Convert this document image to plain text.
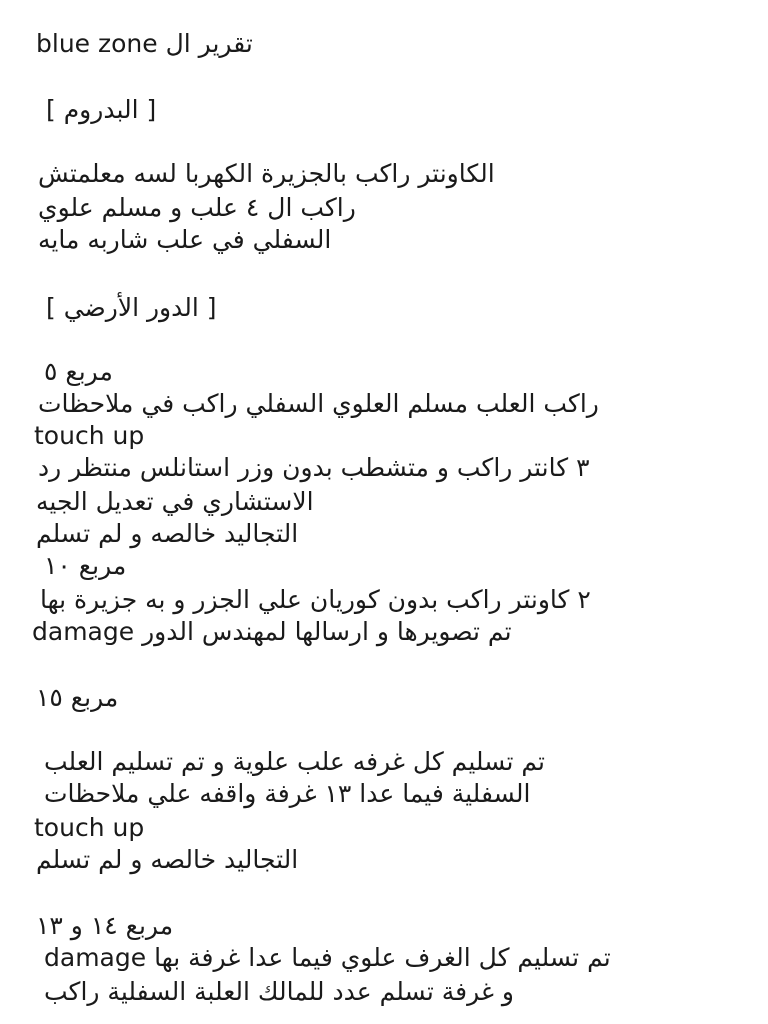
تقرير ال blue zone
[ البدروم ]
الكاونتر راكب بالجزيرة الكهربا لسه معلمتش
راكب ال ٤ علب و مسلم علوي
السفلي في علب شاربه مايه
[ الدور الأرضي ]
مربع ٥
راكب العلب مسلم العلوي السفلي راكب في ملاحظات
touch up
٣ كانتر راكب و متشطب بدون وزر استانلس منتظر رد
الاستشاري في تعديل الجيه
التجاليد خالصه و لم تسلم
مربع ١٠
٢ كاونتر راكب بدون كوريان علي الجزر و به جزيرة بها
damage تم تصويرها و ارسالها لمهندس الدور
مربع ١٥
تم تسليم كل غرفه علب علوية و تم تسليم العلب
السفلية فيما عدا ١٣ غرفة واقفه علي ملاحظات
touch up
التجاليد خالصه و لم تسلم
مربع ١٤ و ١٣
تم تسليم كل الغرف علوي فيما عدا غرفة بها damage
و غرفة تسلم عدد للمالك العلبة السفلية راكب
